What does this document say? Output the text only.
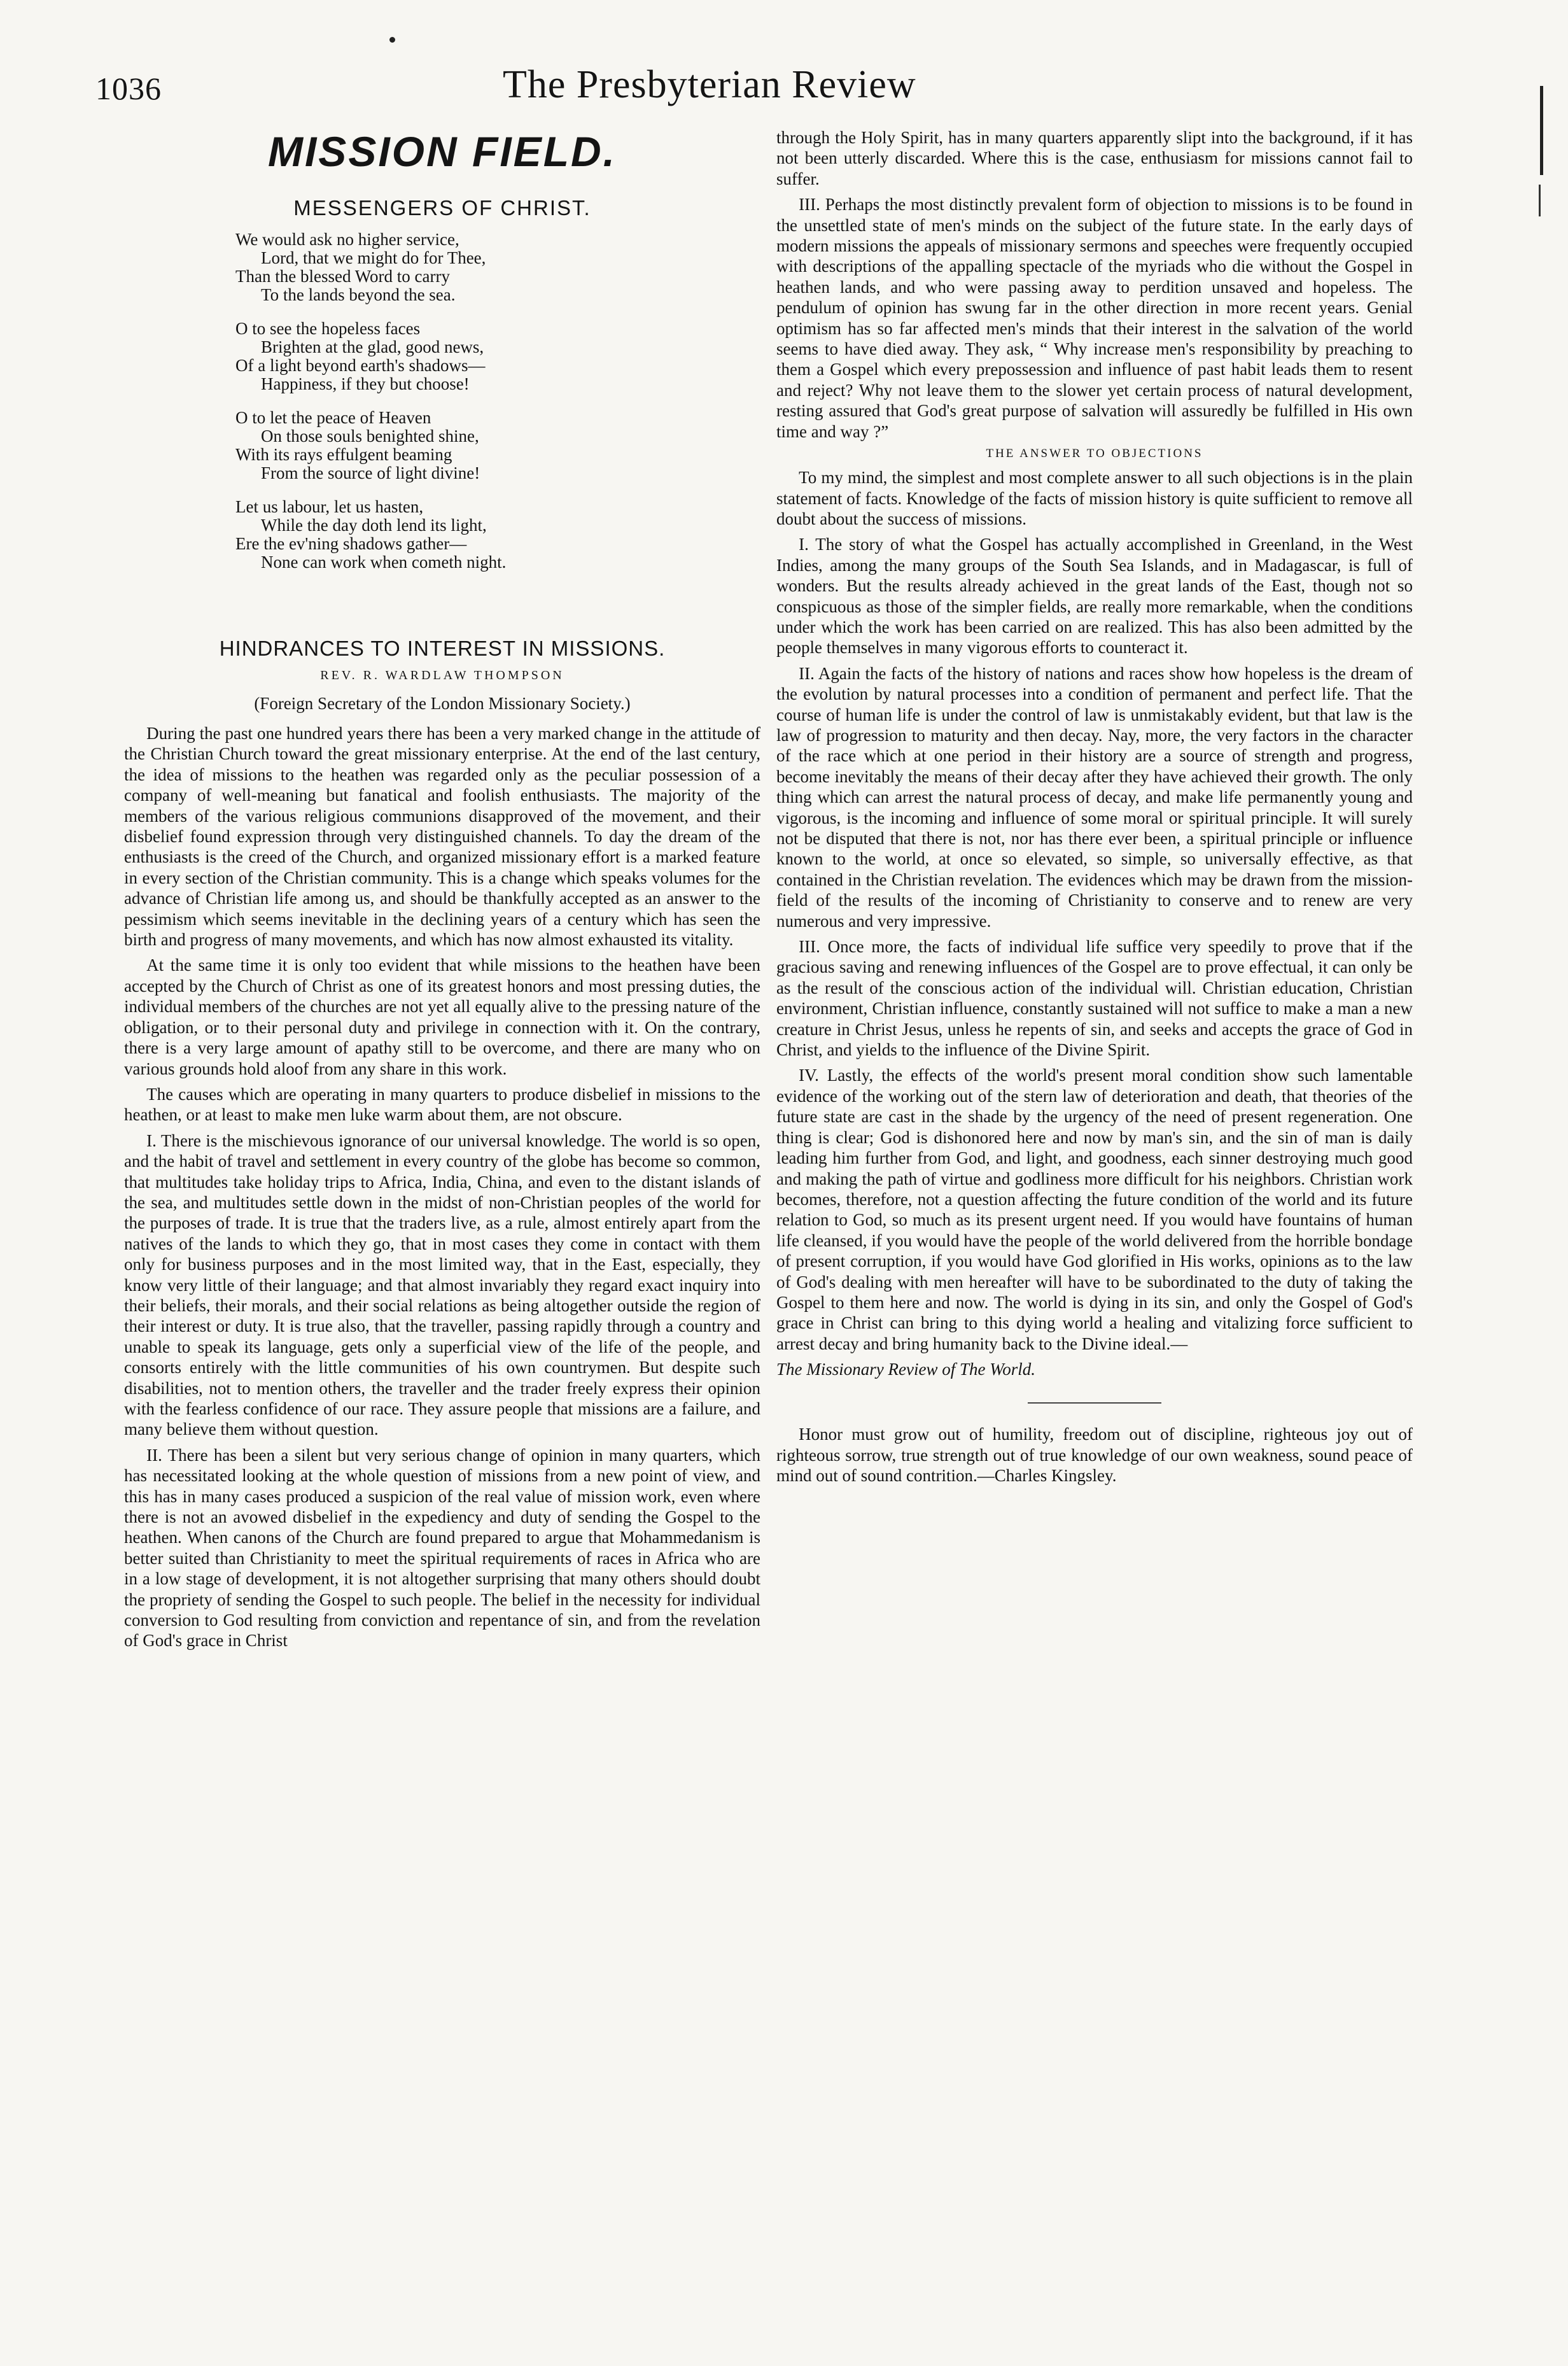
1036	The Presbyterian Review
MISSION FIELD.
MESSENGERS OF CHRIST.
We would ask no higher service,
Lord, that we might do for Thee,
Than the blessed Word to carry
To the lands beyond the sea.
O to see the hopeless faces
Brighten at the glad, good news,
Of a light beyond earth's shadows—
Happiness, if they but choose!
O to let the peace of Heaven
On those souls benighted shine,
With its rays effulgent beaming
From the source of light divine!
Let us labour, let us hasten,
While the day doth lend its light,
Ere the ev'ning shadows gather—
None can work when cometh night.
HINDRANCES TO INTEREST IN MISSIONS.
REV. R. WARDLAW THOMPSON
(Foreign Secretary of the London Missionary Society.)

During the past one hundred years there has been a very marked change in the attitude of the Christian Church toward the great missionary enterprise. At the end of the last century, the idea of missions to the heathen was regarded only as the peculiar possession of a company of well-meaning but fanatical and foolish enthusiasts. The majority of the members of the various religious communions disapproved of the movement, and their disbelief found expression through very distinguished channels. To day the dream of the enthusiasts is the creed of the Church, and organized missionary effort is a marked feature in every section of the Christian community. This is a change which speaks volumes for the advance of Christian life among us, and should be thankfully accepted as an answer to the pessimism which seems inevitable in the declining years of a century which has seen the birth and progress of many movements, and which has now almost exhausted its vitality.

At the same time it is only too evident that while missions to the heathen have been accepted by the Church of Christ as one of its greatest honors and most pressing duties, the individual members of the churches are not yet all equally alive to the pressing nature of the obligation, or to their personal duty and privilege in connection with it. On the contrary, there is a very large amount of apathy still to be overcome, and there are many who on various grounds hold aloof from any share in this work.

The causes which are operating in many quarters to produce disbelief in missions to the heathen, or at least to make men luke warm about them, are not obscure.

I. There is the mischievous ignorance of our universal knowledge. The world is so open, and the habit of travel and settlement in every country of the globe has become so common, that multitudes take holiday trips to Africa, India, China, and even to the distant islands of the sea, and multitudes settle down in the midst of non-Christian peoples of the world for the purposes of trade. It is true that the traders live, as a rule, almost entirely apart from the natives of the lands to which they go, that in most cases they come in contact with them only for business purposes and in the most limited way, that in the East, especially, they know very little of their language; and that almost invariably they regard exact inquiry into their beliefs, their morals, and their social relations as being altogether outside the region of their interest or duty. It is true also, that the traveller, passing rapidly through a country and unable to speak its language, gets only a superficial view of the life of the people, and consorts entirely with the little communities of his own countrymen. But despite such disabilities, not to mention others, the traveller and the trader freely express their opinion with the fearless confidence of our race. They assure people that missions are a failure, and many believe them without question.

II. There has been a silent but very serious change of opinion in many quarters, which has necessitated looking at the whole question of missions from a new point of view, and this has in many cases produced a suspicion of the real value of mission work, even where there is not an avowed disbelief in the expediency and duty of sending the Gospel to the heathen. When canons of the Church are found prepared to argue that Mohammedanism is better suited than Christianity to meet the spiritual requirements of races in Africa who are in a low stage of development, it is not altogether surprising that many others should doubt the propriety of sending the Gospel to such people. The belief in the necessity for individual conversion to God resulting from conviction and repentance of sin, and from the revelation of God's grace in Christ

through the Holy Spirit, has in many quarters apparently slipt into the background, if it has not been utterly discarded. Where this is the case, enthusiasm for missions cannot fail to suffer.

III. Perhaps the most distinctly prevalent form of objection to missions is to be found in the unsettled state of men's minds on the subject of the future state. In the early days of modern missions the appeals of missionary sermons and speeches were frequently occupied with descriptions of the appalling spectacle of the myriads who die without the Gospel in heathen lands, and who were passing away to perdition unsaved and hopeless. The pendulum of opinion has swung far in the other direction in more recent years. Genial optimism has so far affected men's minds that their interest in the salvation of the world seems to have died away. They ask, “ Why increase men's responsibility by preaching to them a Gospel which every prepossession and influence of past habit leads them to resent and reject? Why not leave them to the slower yet certain process of natural development, resting assured that God's great purpose of salvation will assuredly be fulfilled in His own time and way ?”

THE ANSWER TO OBJECTIONS

To my mind, the simplest and most complete answer to all such objections is in the plain statement of facts. Knowledge of the facts of mission history is quite sufficient to remove all doubt about the success of missions.

I. The story of what the Gospel has actually accomplished in Greenland, in the West Indies, among the many groups of the South Sea Islands, and in Madagascar, is full of wonders. But the results already achieved in the great lands of the East, though not so conspicuous as those of the simpler fields, are really more remarkable, when the conditions under which the work has been carried on are realized. This has also been admitted by the people themselves in many vigorous efforts to counteract it.

II. Again the facts of the history of nations and races show how hopeless is the dream of the evolution by natural processes into a condition of permanent and perfect life. That the course of human life is under the control of law is unmistakably evident, but that law is the law of progression to maturity and then decay. Nay, more, the very factors in the character of the race which at one period in their history are a source of strength and progress, become inevitably the means of their decay after they have achieved their growth. The only thing which can arrest the natural process of decay, and make life permanently young and vigorous, is the incoming and influence of some moral or spiritual principle. It will surely not be disputed that there is not, nor has there ever been, a spiritual principle or influence known to the world, at once so elevated, so simple, so universally effective, as that contained in the Christian revelation. The evidences which may be drawn from the mission-field of the results of the incoming of Christianity to conserve and to renew are very numerous and very impressive.

III. Once more, the facts of individual life suffice very speedily to prove that if the gracious saving and renewing influences of the Gospel are to prove effectual, it can only be as the result of the conscious action of the individual will. Christian education, Christian environment, Christian influence, constantly sustained will not suffice to make a man a new creature in Christ Jesus, unless he repents of sin, and seeks and accepts the grace of God in Christ, and yields to the influence of the Divine Spirit.

IV. Lastly, the effects of the world's present moral condition show such lamentable evidence of the working out of the stern law of deterioration and death, that theories of the future state are cast in the shade by the urgency of the need of present regeneration. One thing is clear; God is dishonored here and now by man's sin, and the sin of man is daily leading him further from God, and light, and goodness, each sinner destroying much good and making the path of virtue and godliness more difficult for his neighbors. Christian work becomes, therefore, not a question affecting the future condition of the world and its future relation to God, so much as its present urgent need. If you would have fountains of human life cleansed, if you would have the people of the world delivered from the horrible bondage of present corruption, if you would have God glorified in His works, opinions as to the law of God's dealing with men hereafter will have to be subordinated to the duty of taking the Gospel to them here and now. The world is dying in its sin, and only the Gospel of God's grace in Christ can bring to this dying world a healing and vitalizing force sufficient to arrest decay and bring humanity back to the Divine ideal.—

The Missionary Review of The World.

Honor must grow out of humility, freedom out of discipline, righteous joy out of righteous sorrow, true strength out of true knowledge of our own weakness, sound peace of mind out of sound contrition.—Charles Kingsley.
